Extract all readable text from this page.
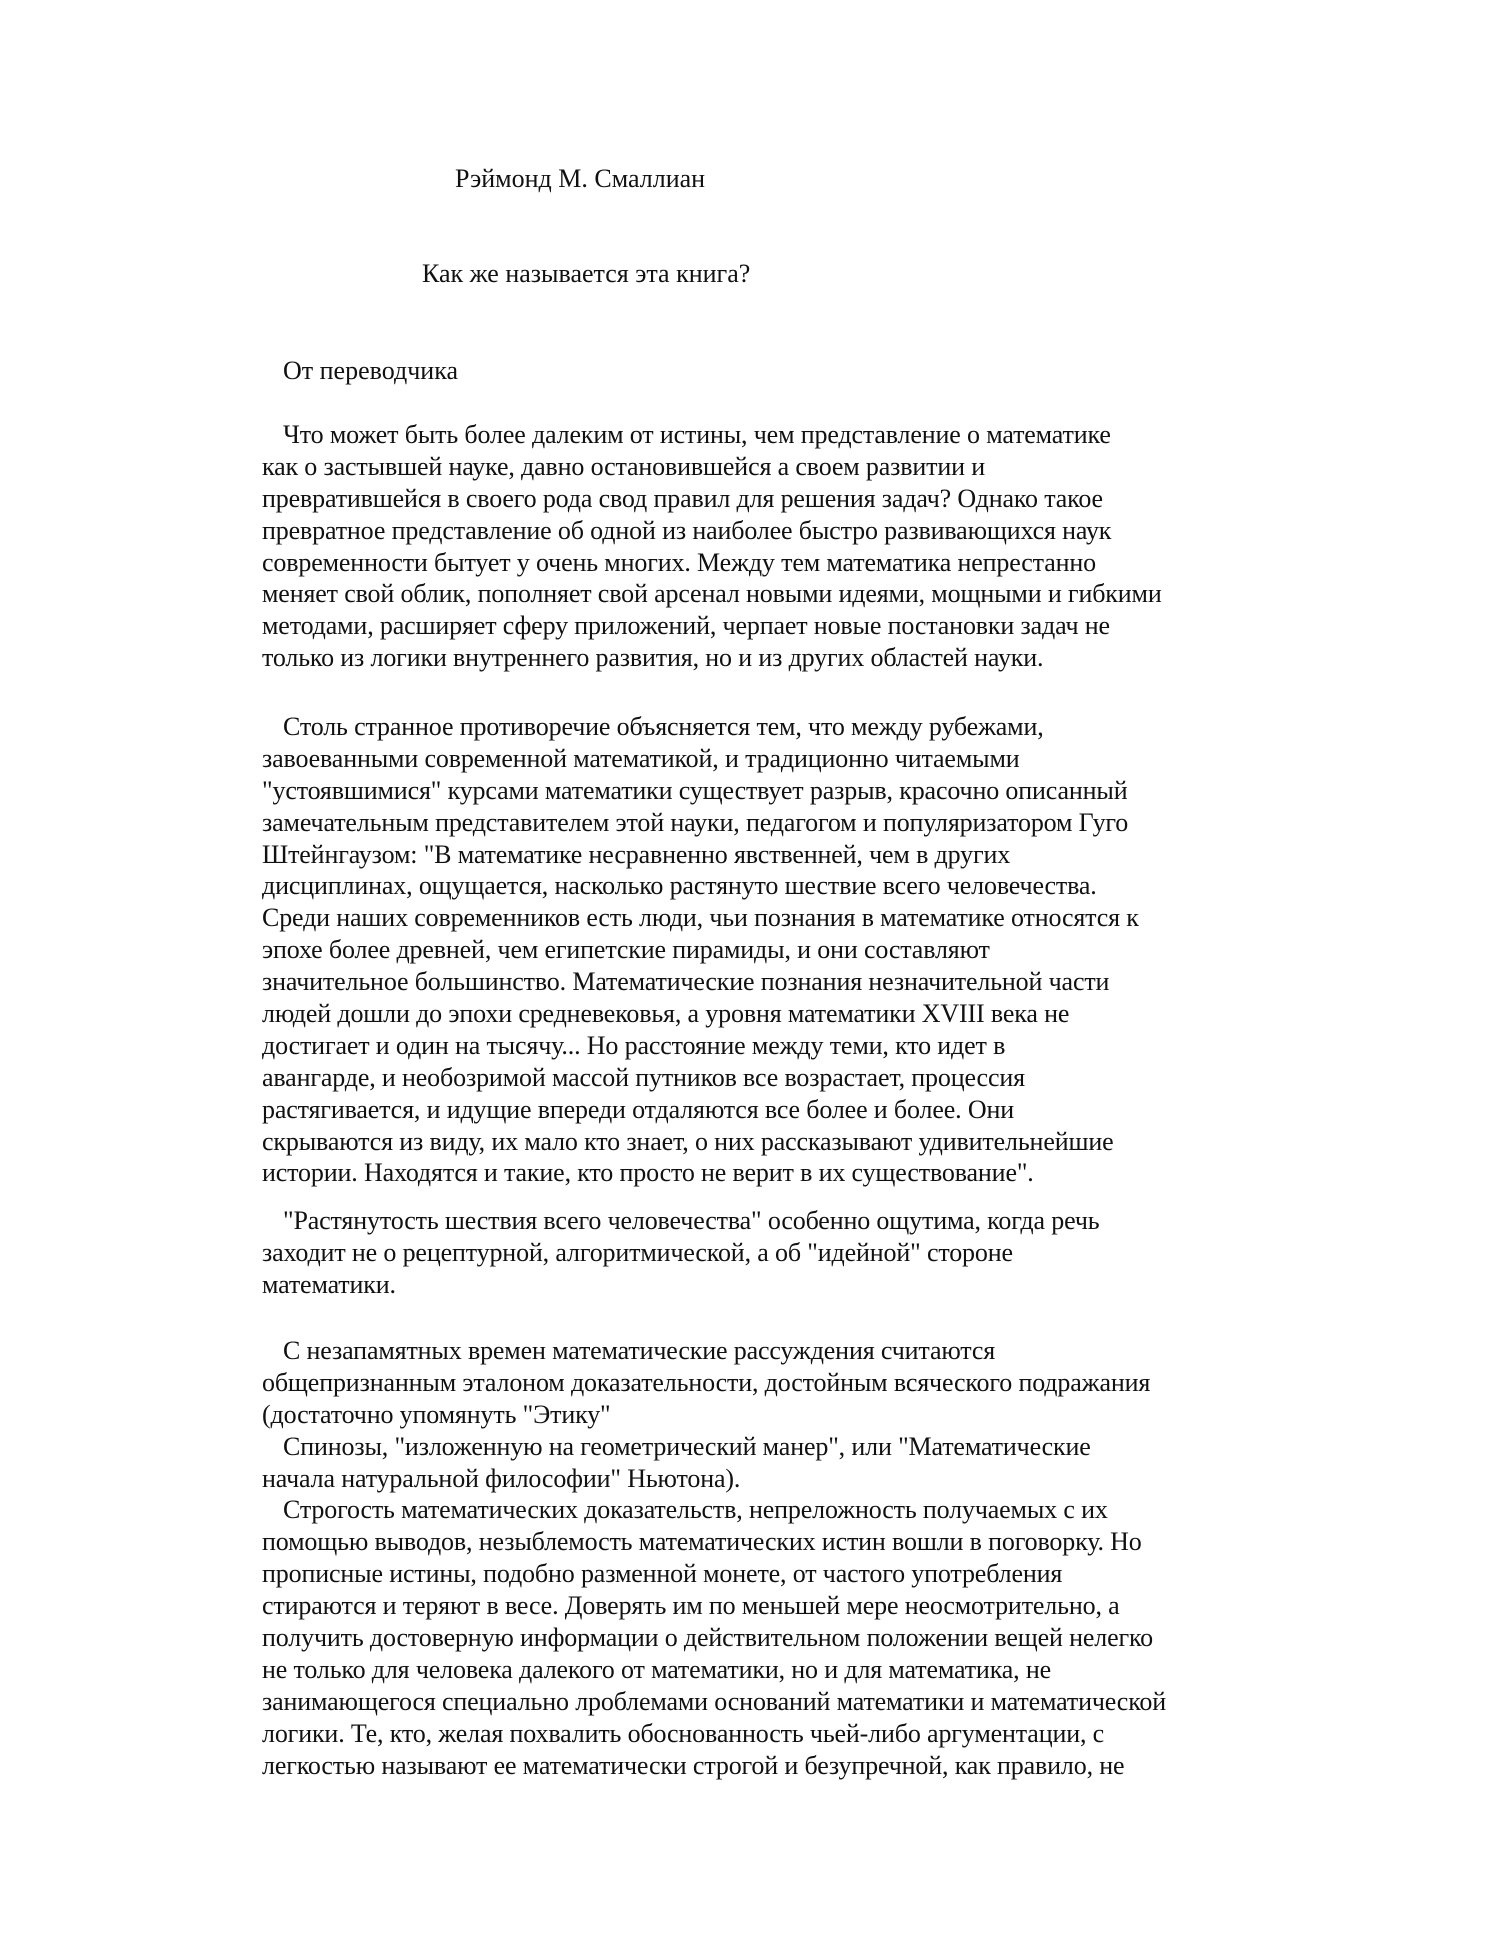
Рэймонд М. Смаллиан
Как же называется эта книга?
От переводчика
Что может быть более далеким от истины, чем представление о математике
как о застывшей науке, давно остановившейся а своем развитии и
превратившейся в своего рода свод правил для решения задач? Однако такое
превратное представление об одной из наиболее быстро развивающихся наук
современности бытует у очень многих. Между тем математика непрестанно
меняет свой облик, пополняет свой арсенал новыми идеями, мощными и гибкими
методами, расширяет сферу приложений, черпает новые постановки задач не
только из логики внутреннего развития, но и из других областей науки.
Столь странное противоречие объясняется тем, что между рубежами,
завоеванными современной математикой, и традиционно читаемыми
"устоявшимися" курсами математики существует разрыв, красочно описанный
замечательным представителем этой науки, педагогом и популяризатором Гуго
Штейнгаузом: "В математике несравненно явственней, чем в других
дисциплинах, ощущается, насколько растянуто шествие всего человечества.
Среди наших современников есть люди, чьи познания в математике относятся к
эпохе более древней, чем египетские пирамиды, и они составляют
значительное большинство. Математические познания незначительной части
людей дошли до эпохи средневековья, а уровня математики XVIII века не
достигает и один на тысячу... Но расстояние между теми, кто идет в
авангарде, и необозримой массой путников все возрастает, процессия
растягивается, и идущие впереди отдаляются все более и более. Они
скрываются из виду, их мало кто знает, о них рассказывают удивительнейшие
истории. Находятся и такие, кто просто не верит в их существование".
"Растянутость шествия всего человечества" особенно ощутима, когда речь
заходит не о рецептурной, алгоритмической, а об "идейной" стороне
математики.
С незапамятных времен математические рассуждения считаются
общепризнанным эталоном доказательности, достойным всяческого подражания
(достаточно упомянуть "Этику"
Спинозы, "изложенную на геометрический манер", или "Математические
начала натуральной философии" Ньютона).
Строгость математических доказательств, непреложность получаемых с их
помощью выводов, незыблемость математических истин вошли в поговорку. Но
прописные истины, подобно разменной монете, от частого употребления
стираются и теряют в весе. Доверять им по меньшей мере неосмотрительно, а
получить достоверную информации о действительном положении вещей нелегко
не только для человека далекого от математики, но и для математика, не
занимающегося специально лроблемами оснований математики и математической
логики. Те, кто, желая похвалить обоснованность чьей-либо аргументации, с
легкостью называют ее математически строгой и безупречной, как правило, не
